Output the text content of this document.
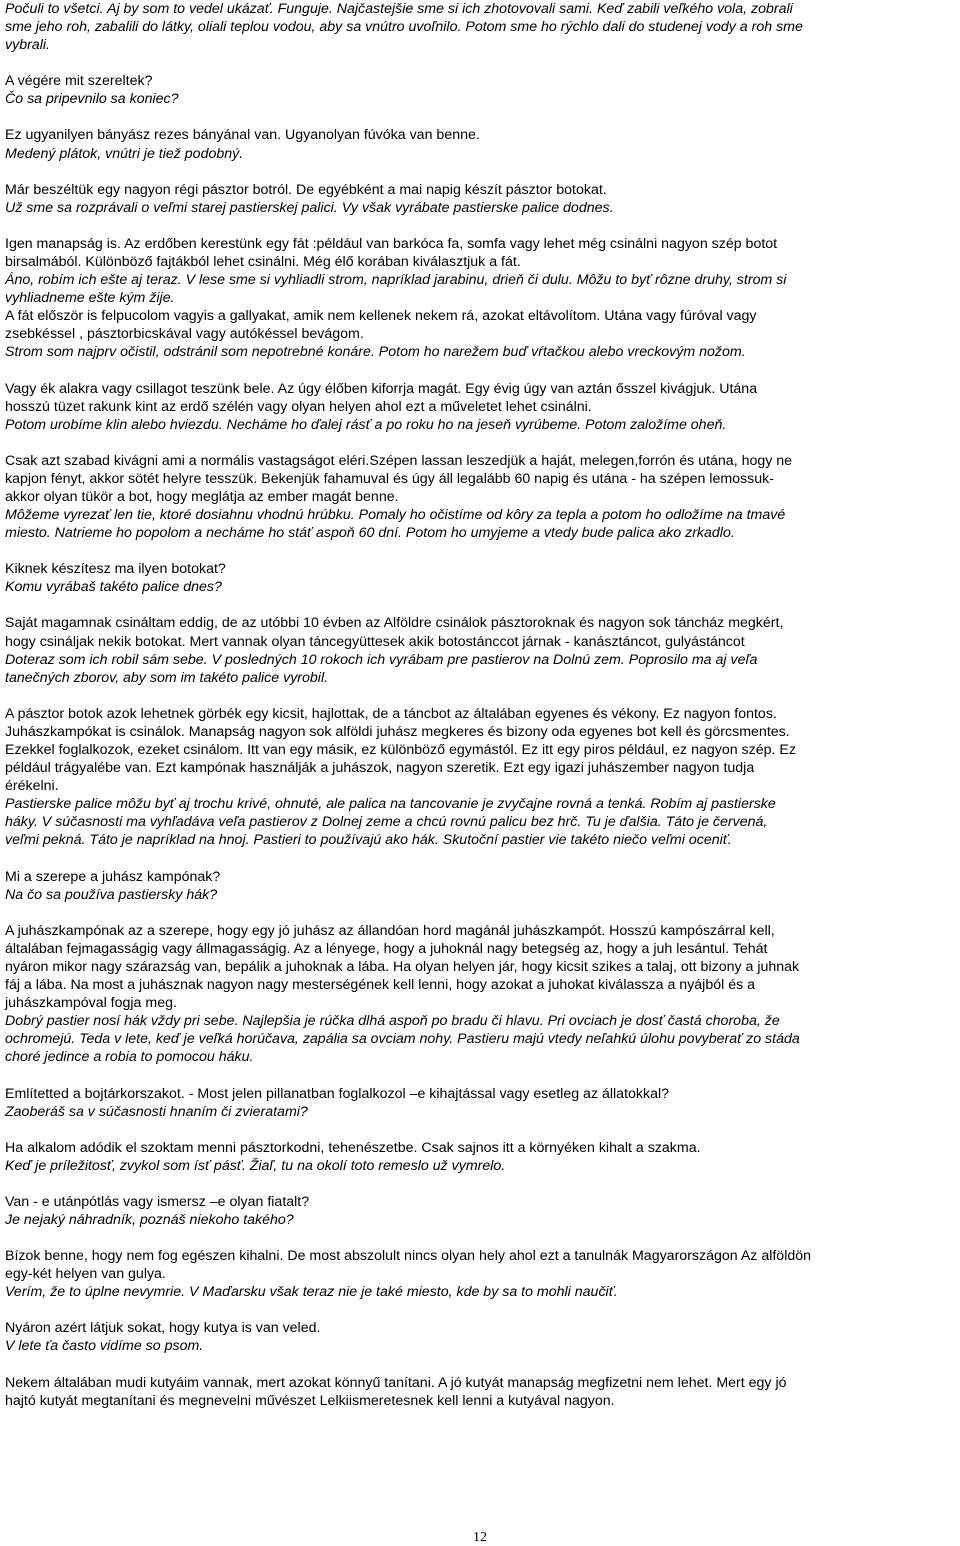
Počuli to všetci. Aj by som to vedel ukázať. Funguje. Najčastejšie sme si ich zhotovovali sami. Keď zabili veľkého vola, zobrali
sme jeho roh, zabalili do látky, oliali teplou vodou, aby sa vnútro uvoľnilo. Potom sme ho rýchlo dali do studenej vody a roh sme
vybrali.
A végére mit szereltek?
Čo sa pripevnilo sa koniec?
Ez ugyanilyen bányász rezes bányánal van. Ugyanolyan fúvóka van benne.
Medený plátok, vnútri je tiež podobný.
Már beszéltük egy nagyon régi pásztor botról. De egyébként a mai napig készít pásztor botokat.
Už sme sa rozprávali o veľmi starej pastierskej palici. Vy však vyrábate pastierske palice dodnes.
Igen manapság is. Az erdőben kerestünk egy fát :például van barkóca fa, somfa vagy lehet még csinálni nagyon szép botot
birsalmából. Különböző fajtákból lehet csinálni. Még élő korában kiválasztjuk a fát.
Áno, robím ich ešte aj teraz. V lese sme si vyhliadli strom, napríklad jarabinu, drieň či dulu. Môžu to byť rôzne druhy, strom si
vyhliadneme ešte kým žije.
A fát először is felpucolom vagyis a gallyakat, amik nem kellenek nekem rá, azokat eltávolítom. Utána vagy fúróval vagy
zsebkéssel , pásztorbicskával vagy autókéssel bevágom.
Strom som najprv očistil, odstránil som nepotrebné konáre. Potom ho narežem buď vŕtačkou alebo vreckovým nožom.
Vagy ék alakra vagy csillagot teszünk bele. Az úgy élőben kiforrja magát. Egy évig úgy van aztán ősszel kivágjuk. Utána
hosszú tüzet rakunk kint az erdő szélén vagy olyan helyen ahol ezt a műveletet lehet csinálni.
Potom urobíme klin alebo hviezdu. Necháme ho ďalej rásť a po roku ho na jeseň vyrúbeme. Potom založíme oheň.
Csak azt szabad kivágni ami a normális vastagságot eléri.Szépen lassan leszedjük a haját, melegen,forrón és utána, hogy ne
kapjon fényt, akkor sötét helyre tesszük. Bekenjük fahamuval és úgy áll legalább 60 napig és utána - ha szépen lemossuk-
akkor olyan tükör a bot, hogy meglátja az ember magát benne.
Môžeme vyrezať len tie, ktoré dosiahnu vhodnú hrúbku. Pomaly ho očistíme od kôry za tepla a potom ho odložíme na tmavé
miesto. Natrieme ho popolom a necháme ho stáť aspoň 60 dní. Potom ho umyjeme a vtedy bude palica ako zrkadlo.
Kiknek készítesz ma ilyen botokat?
Komu vyrábaš takéto palice dnes?
Saját magamnak csináltam eddig, de az utóbbi 10 évben az Alföldre csinálok pásztoroknak és nagyon sok táncház megkért,
hogy csináljak nekik botokat. Mert vannak olyan táncegyüttesek akik botostánccot járnak - kanásztáncot, gulyástáncot
Doteraz som ich robil sám sebe. V posledných 10 rokoch ich vyrábam pre pastierov na Dolnú zem. Poprosilo ma aj veľa
tanečných zborov, aby som im takéto palice vyrobil.
A pásztor botok azok lehetnek görbék egy kicsit, hajlottak, de a táncbot az általában egyenes és vékony. Ez nagyon fontos.
Juhászkampókat is csinálok. Manapság nagyon sok alföldi juhász megkeres és bizony oda egyenes bot kell és görcsmentes.
Ezekkel foglalkozok, ezeket csinálom. Itt van egy másik, ez különböző egymástól. Ez itt egy piros például, ez nagyon szép. Ez
például trágyalébe van. Ezt kampónak használják a juhászok, nagyon szeretik. Ezt egy igazi juhászember nagyon tudja
érékelni.
Pastierske palice môžu byť aj trochu krivé, ohnuté, ale palica na tancovanie je zvyčajne rovná a tenká. Robím aj pastierske
háky. V súčasnosti ma vyhľadáva veľa pastierov z Dolnej zeme a chcú rovnú palicu bez hrč. Tu je ďalšia. Táto je červená,
veľmi pekná. Táto je napríklad na hnoj. Pastieri to používajú ako hák. Skutoční pastier vie takéto niečo veľmi oceniť.
Mi a szerepe a juhász kampónak?
Na čo sa používa pastiersky hák?
A juhászkampónak az a szerepe, hogy egy jó juhász az állandóan hord magánál juhászkampót. Hosszú kampószárral kell,
általában fejmagasságig vagy állmagasságig. Az a lényege, hogy a juhoknál nagy betegség az, hogy a juh lesántul. Tehát
nyáron mikor nagy szárazság van, bepálik a juhoknak a lába. Ha olyan helyen jár, hogy kicsit szikes a talaj, ott bizony a juhnak
fáj a lába. Na most a juhásznak nagyon nagy mesterségének kell lenni, hogy azokat a juhokat kiválassza a nyájból és a
juhászkampóval fogja meg.
Dobrý pastier nosí hák vždy pri sebe. Najlepšia je rúčka dlhá aspoň po bradu či hlavu. Pri ovciach je dosť častá choroba, že
ochromejú. Teda v lete, keď je veľká horúčava, zapália sa ovciam nohy. Pastieru majú vtedy neľahkú úlohu povyberať zo stáda
choré jedince a robia to pomocou háku.
Említetted a bojtárkorszakot. - Most jelen pillanatban foglalkozol –e kihajtással vagy esetleg az állatokkal?
Zaoberáš sa v súčasnosti hnaním či zvieratami?
Ha alkalom adódik el szoktam menni pásztorkodni, tehenészetbe. Csak sajnos itt a környéken kihalt a szakma.
Keď je príležitosť, zvykol som ísť pásť. Žiaľ, tu na okolí toto remeslo už vymrelo.
Van - e utánpótlás vagy ismersz –e olyan fiatalt?
Je nejaký náhradník, poznáš niekoho takého?
Bízok benne, hogy nem fog egészen kihalni. De most abszolult nincs olyan hely ahol ezt a tanulnák Magyarországon Az alföldön
egy-két helyen van gulya.
Verím, že to úplne nevymrie. V Maďarsku však teraz nie je také miesto, kde by sa to mohli naučiť.
Nyáron azért látjuk sokat, hogy kutya is van veled.
V lete ťa často vidíme so psom.
Nekem általában mudi kutyáim vannak, mert azokat könnyű tanítani. A jó kutyát manapság megfizetni nem lehet. Mert egy jó
hajtó kutyát megtanítani és megnevelni művészet Lelkiismeretesnek kell lenni a kutyával nagyon.
12
